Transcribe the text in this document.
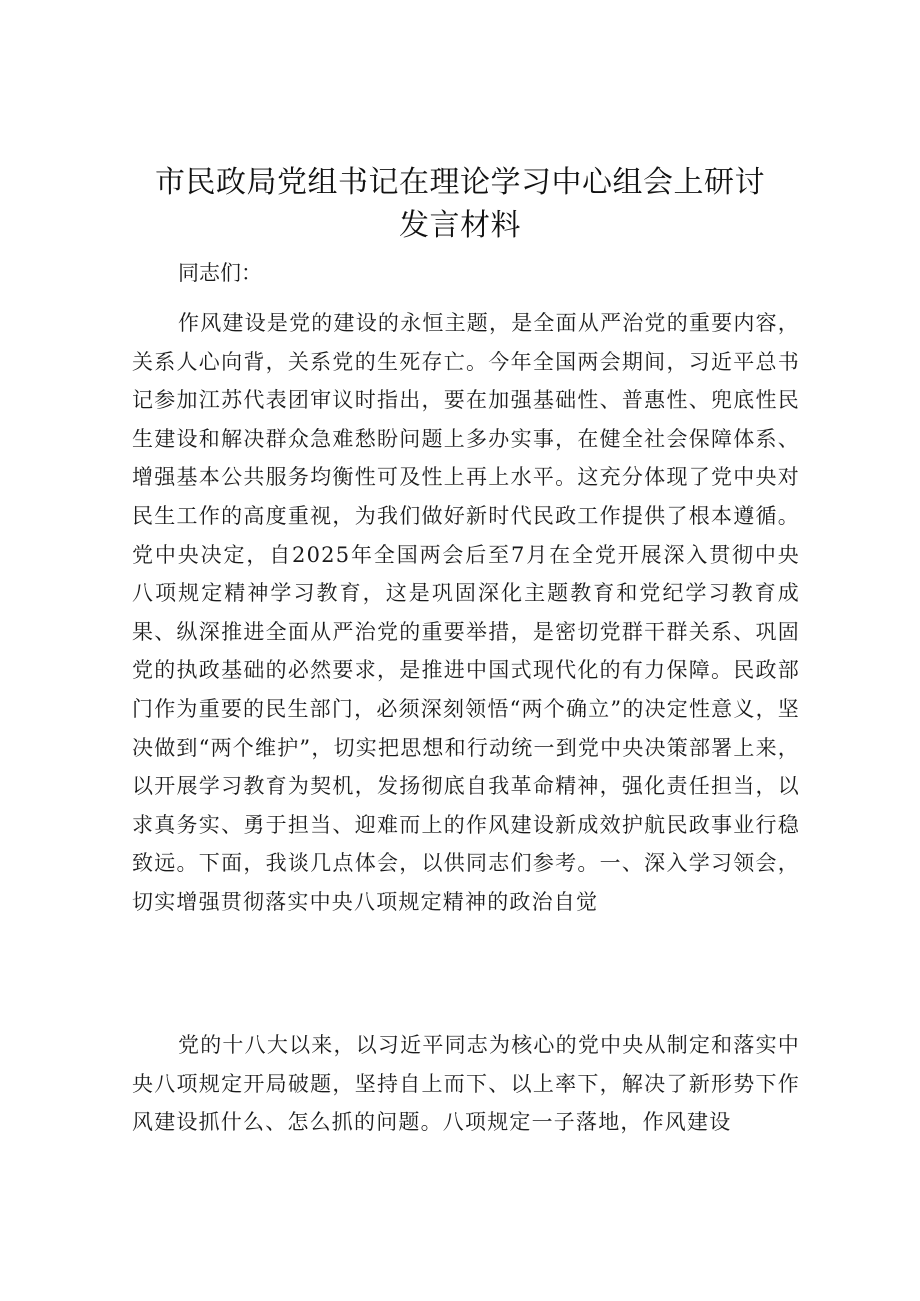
市民政局党组书记在理论学习中心组会上研讨
发言材料

同志们：

作风建设是党的建设的永恒主题，是全面从严治党的重要内容，关系人心向背，关系党的生死存亡。今年全国两会期间，习近平总书记参加江苏代表团审议时指出，要在加强基础性、普惠性、兜底性民生建设和解决群众急难愁盼问题上多办实事，在健全社会保障体系、增强基本公共服务均衡性可及性上再上水平。这充分体现了党中央对民生工作的高度重视，为我们做好新时代民政工作提供了根本遵循。党中央决定，自2025年全国两会后至7月在全党开展深入贯彻中央八项规定精神学习教育，这是巩固深化主题教育和党纪学习教育成果、纵深推进全面从严治党的重要举措，是密切党群干群关系、巩固党的执政基础的必然要求，是推进中国式现代化的有力保障。民政部门作为重要的民生部门，必须深刻领悟“两个确立”的决定性意义，坚决做到“两个维护”，切实把思想和行动统一到党中央决策部署上来，以开展学习教育为契机，发扬彻底自我革命精神，强化责任担当，以求真务实、勇于担当、迎难而上的作风建设新成效护航民政事业行稳致远。下面，我谈几点体会，以供同志们参考。一、深入学习领会，切实增强贯彻落实中央八项规定精神的政治自觉

党的十八大以来，以习近平同志为核心的党中央从制定和落实中央八项规定开局破题，坚持自上而下、以上率下，解决了新形势下作风建设抓什么、怎么抓的问题。八项规定一子落地，作风建设
